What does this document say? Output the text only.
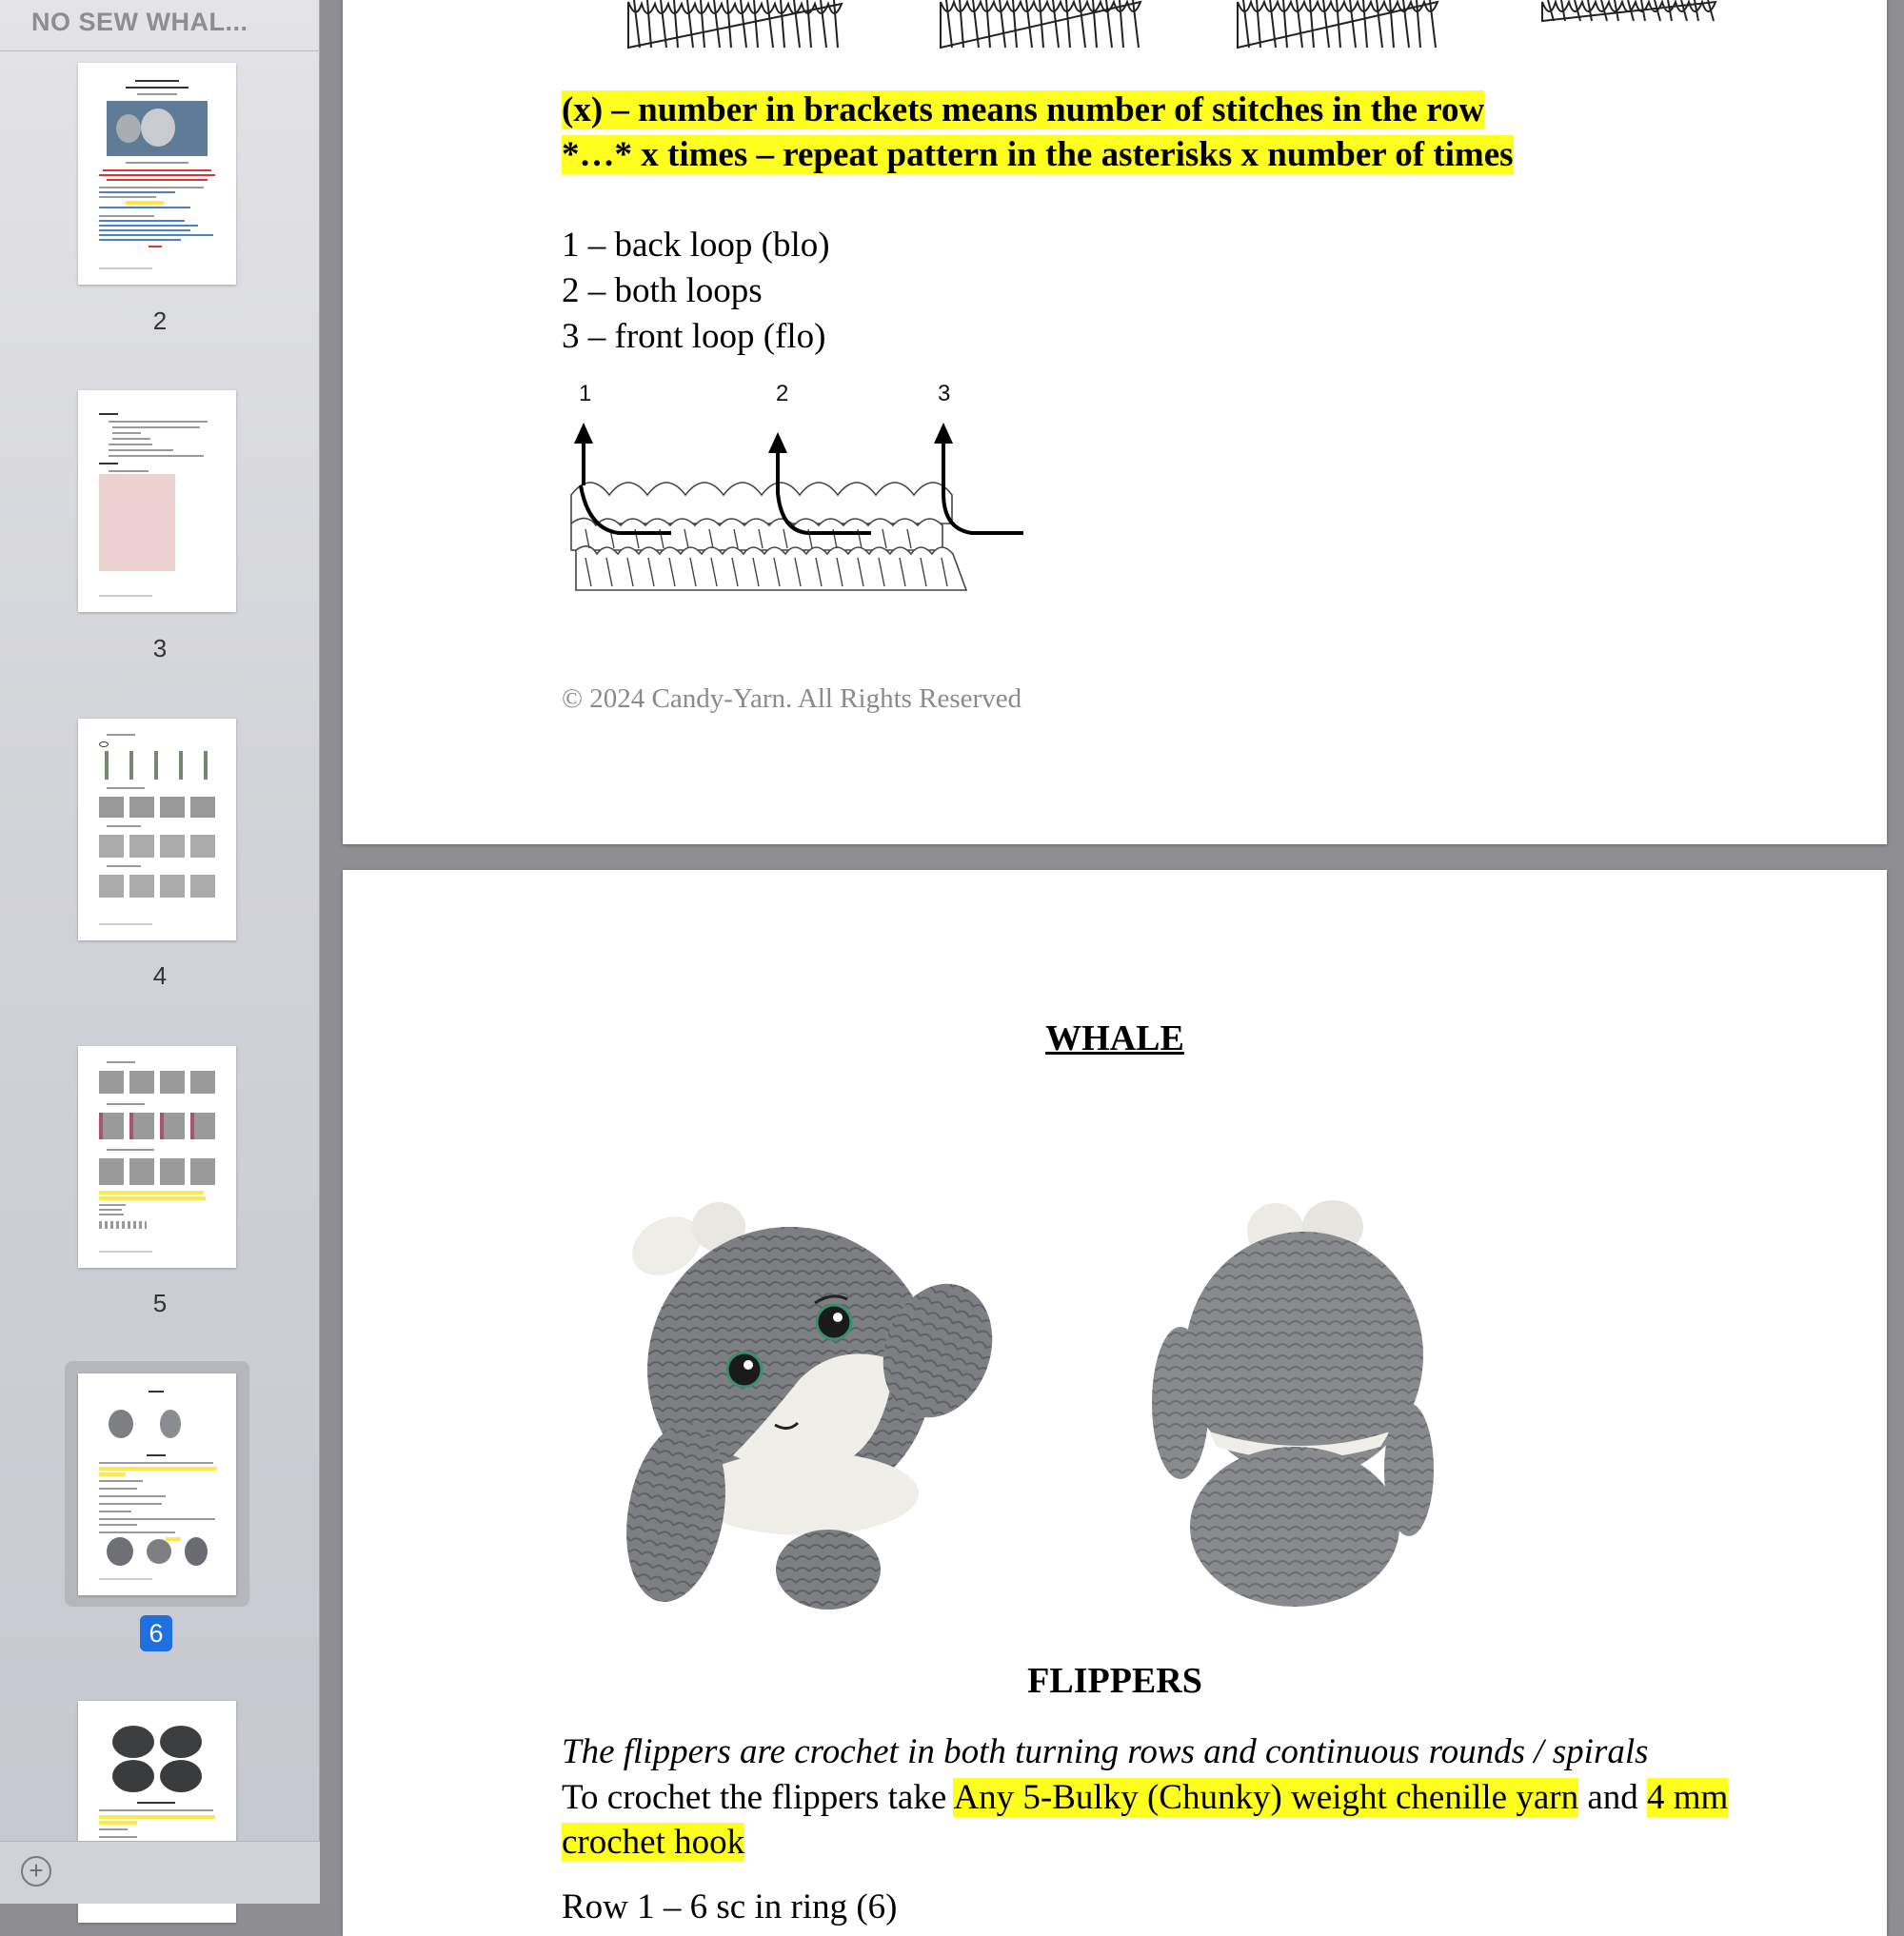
NO SEW WHAL...
2
3
4
5
6
+
(x) – number in brackets means number of stitches in the row
*…* x times – repeat pattern in the asterisks x number of times
1 – back loop (blo)
2 – both loops
3 – front loop (flo)
1	2	3
© 2024 Candy-Yarn. All Rights Reserved
WHALE
FLIPPERS
The flippers are crochet in both turning rows and continuous rounds / spirals
To crochet the flippers take Any 5-Bulky (Chunky) weight chenille yarn and 4 mm crochet hook
Row 1 – 6 sc in ring (6)
